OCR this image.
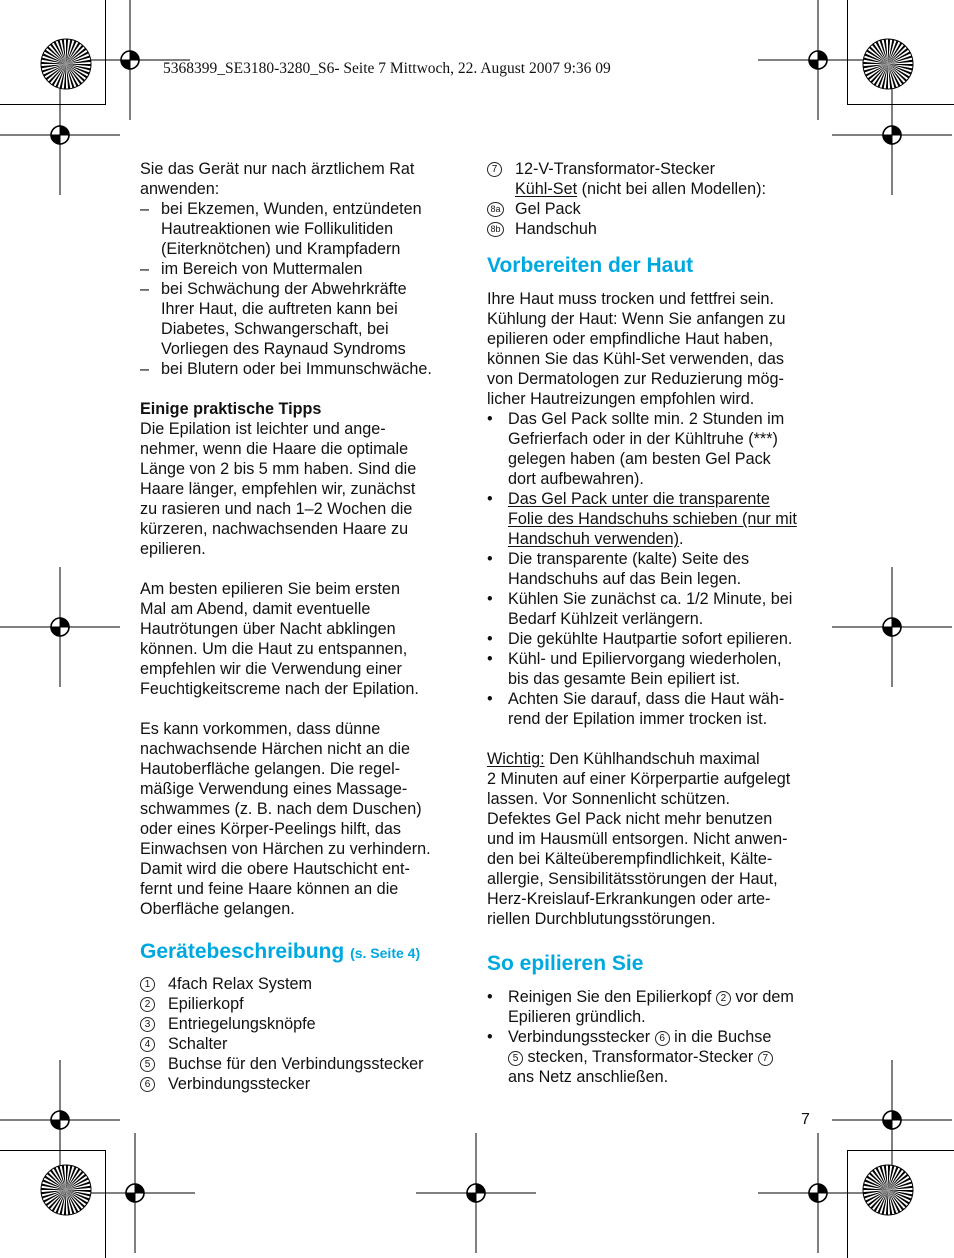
5368399_SE3180-3280_S6- Seite 7 Mittwoch, 22. August 2007 9:36 09
Sie das Gerät nur nach ärztlichem Rat
anwenden:
– bei Ekzemen, Wunden, entzündeten
Hautreaktionen wie Follikulitiden
(Eiterknötchen) und Krampfadern
– im Bereich von Muttermalen
– bei Schwächung der Abwehrkräfte
Ihrer Haut, die auftreten kann bei
Diabetes, Schwangerschaft, bei
Vorliegen des Raynaud Syndroms
– bei Blutern oder bei Immunschwäche.
Einige praktische Tipps
Die Epilation ist leichter und ange-
nehmer, wenn die Haare die optimale
Länge von 2 bis 5 mm haben. Sind die
Haare länger, empfehlen wir, zunächst
zu rasieren und nach 1–2 Wochen die
kürzeren, nachwachsenden Haare zu
epilieren.
Am besten epilieren Sie beim ersten
Mal am Abend, damit eventuelle
Hautrötungen über Nacht abklingen
können. Um die Haut zu entspannen,
empfehlen wir die Verwendung einer
Feuchtigkeitscreme nach der Epilation.
Es kann vorkommen, dass dünne
nachwachsende Härchen nicht an die
Hautoberfläche gelangen. Die regel-
mäßige Verwendung eines Massage-
schwammes (z. B. nach dem Duschen)
oder eines Körper-Peelings hilft, das
Einwachsen von Härchen zu verhindern.
Damit wird die obere Hautschicht ent-
fernt und feine Haare können an die
Oberfläche gelangen.
Gerätebeschreibung (s. Seite 4)
1 4fach Relax System
2 Epilierkopf
3 Entriegelungsknöpfe
4 Schalter
5 Buchse für den Verbindungsstecker
6 Verbindungsstecker
7 12-V-Transformator-Stecker
Kühl-Set (nicht bei allen Modellen):
8a Gel Pack
8b Handschuh
Vorbereiten der Haut
Ihre Haut muss trocken und fettfrei sein.
Kühlung der Haut: Wenn Sie anfangen zu
epilieren oder empfindliche Haut haben,
können Sie das Kühl-Set verwenden, das
von Dermatologen zur Reduzierung mög-
licher Hautreizungen empfohlen wird.
• Das Gel Pack sollte min. 2 Stunden im
Gefrierfach oder in der Kühltruhe (***)
gelegen haben (am besten Gel Pack
dort aufbewahren).
• Das Gel Pack unter die transparente
Folie des Handschuhs schieben (nur mit
Handschuh verwenden).
• Die transparente (kalte) Seite des
Handschuhs auf das Bein legen.
• Kühlen Sie zunächst ca. 1/2 Minute, bei
Bedarf Kühlzeit verlängern.
• Die gekühlte Hautpartie sofort epilieren.
• Kühl- und Epiliervorgang wiederholen,
bis das gesamte Bein epiliert ist.
• Achten Sie darauf, dass die Haut wäh-
rend der Epilation immer trocken ist.
Wichtig: Den Kühlhandschuh maximal
2 Minuten auf einer Körperpartie aufgelegt
lassen. Vor Sonnenlicht schützen.
Defektes Gel Pack nicht mehr benutzen
und im Hausmüll entsorgen. Nicht anwen-
den bei Kälteüberempfindlichkeit, Kälte-
allergie, Sensibilitätsstörungen der Haut,
Herz-Kreislauf-Erkrankungen oder arte-
riellen Durchblutungsstörungen.
So epilieren Sie
• Reinigen Sie den Epilierkopf 2 vor dem
Epilieren gründlich.
• Verbindungsstecker 6 in die Buchse
5 stecken, Transformator-Stecker 7
ans Netz anschließen.
7
